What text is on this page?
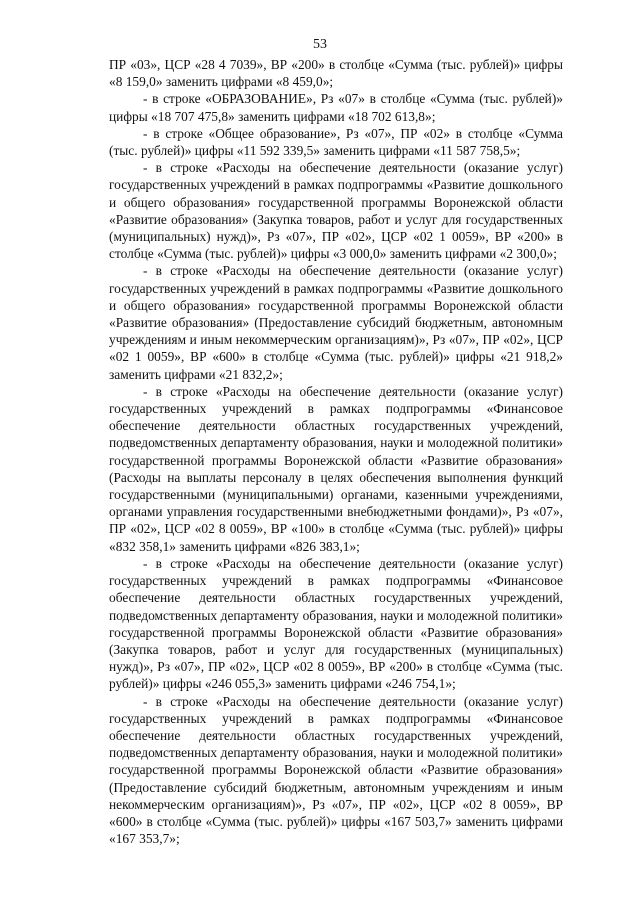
53

ПР «03», ЦСР «28 4 7039», ВР «200» в столбце «Сумма (тыс. рублей)» цифры «8 159,0» заменить цифрами «8 459,0»;

- в строке «ОБРАЗОВАНИЕ», Рз «07» в столбце «Сумма (тыс. рублей)» цифры «18 707 475,8» заменить цифрами «18 702 613,8»;

- в строке «Общее образование», Рз «07», ПР «02» в столбце «Сумма (тыс. рублей)» цифры «11 592 339,5» заменить цифрами «11 587 758,5»;

- в строке «Расходы на обеспечение деятельности (оказание услуг) государственных учреждений в рамках подпрограммы «Развитие дошкольного и общего образования» государственной программы Воронежской области «Развитие образования» (Закупка товаров, работ и услуг для государственных (муниципальных) нужд)», Рз «07», ПР «02», ЦСР «02 1 0059», ВР «200» в столбце «Сумма (тыс. рублей)» цифры «3 000,0» заменить цифрами «2 300,0»;

- в строке «Расходы на обеспечение деятельности (оказание услуг) государственных учреждений в рамках подпрограммы «Развитие дошкольного и общего образования» государственной программы Воронежской области «Развитие образования» (Предоставление субсидий бюджетным, автономным учреждениям и иным некоммерческим организациям)», Рз «07», ПР «02», ЦСР «02 1 0059», ВР «600» в столбце «Сумма (тыс. рублей)» цифры «21 918,2» заменить цифрами «21 832,2»;

- в строке «Расходы на обеспечение деятельности (оказание услуг) государственных учреждений в рамках подпрограммы «Финансовое обеспечение деятельности областных государственных учреждений, подведомственных департаменту образования, науки и молодежной политики» государственной программы Воронежской области «Развитие образования» (Расходы на выплаты персоналу в целях обеспечения выполнения функций государственными (муниципальными) органами, казенными учреждениями, органами управления государственными внебюджетными фондами)», Рз «07», ПР «02», ЦСР «02 8 0059», ВР «100» в столбце «Сумма (тыс. рублей)» цифры «832 358,1» заменить цифрами «826 383,1»;

- в строке «Расходы на обеспечение деятельности (оказание услуг) государственных учреждений в рамках подпрограммы «Финансовое обеспечение деятельности областных государственных учреждений, подведомственных департаменту образования, науки и молодежной политики» государственной программы Воронежской области «Развитие образования» (Закупка товаров, работ и услуг для государственных (муниципальных) нужд)», Рз «07», ПР «02», ЦСР «02 8 0059», ВР «200» в столбце «Сумма (тыс. рублей)» цифры «246 055,3» заменить цифрами «246 754,1»;

- в строке «Расходы на обеспечение деятельности (оказание услуг) государственных учреждений в рамках подпрограммы «Финансовое обеспечение деятельности областных государственных учреждений, подведомственных департаменту образования, науки и молодежной политики» государственной программы Воронежской области «Развитие образования» (Предоставление субсидий бюджетным, автономным учреждениям и иным некоммерческим организациям)», Рз «07», ПР «02», ЦСР «02 8 0059», ВР «600» в столбце «Сумма (тыс. рублей)» цифры «167 503,7» заменить цифрами «167 353,7»;
